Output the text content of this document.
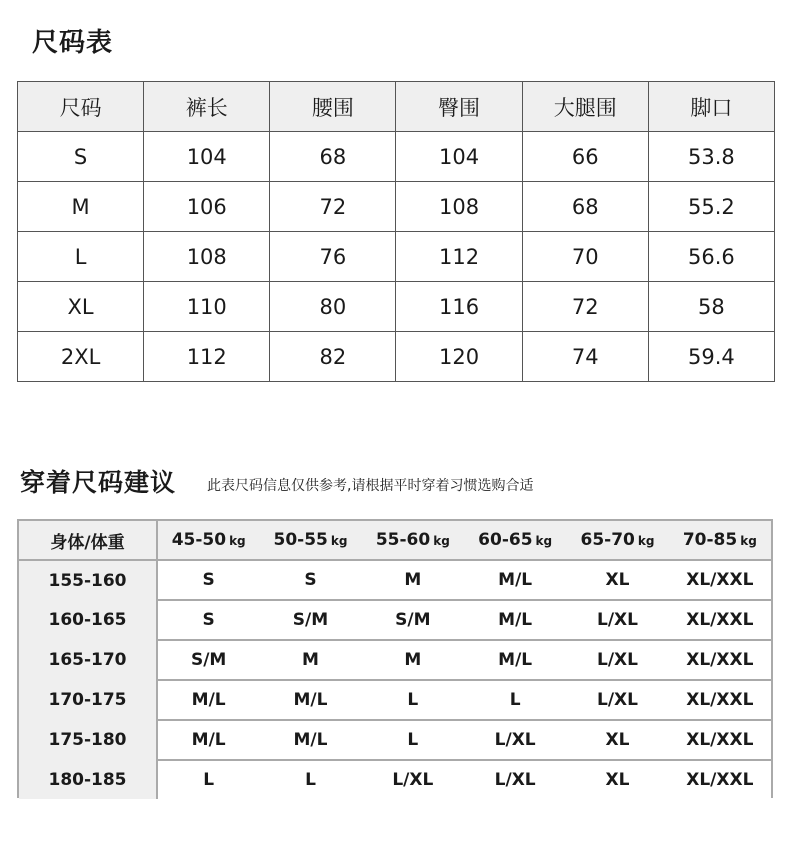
尺码表
尺码	裤长	腰围	臀围	大腿围	脚口
S	104	68	104	66	53.8
M	106	72	108	68	55.2
L	108	76	112	70	56.6
XL	110	80	116	72	58
2XL	112	82	120	74	59.4
穿着尺码建议 此表尺码信息仅供参考,请根据平时穿着习惯选购合适
身体/体重	45-50 kg	50-55 kg	55-60 kg	60-65 kg	65-70 kg	70-85 kg
155-160	S	S	M	M/L	XL	XL/XXL
160-165	S	S/M	S/M	M/L	L/XL	XL/XXL
165-170	S/M	M	M	M/L	L/XL	XL/XXL
170-175	M/L	M/L	L	L	L/XL	XL/XXL
175-180	M/L	M/L	L	L/XL	XL	XL/XXL
180-185	L	L	L/XL	L/XL	XL	XL/XXL
